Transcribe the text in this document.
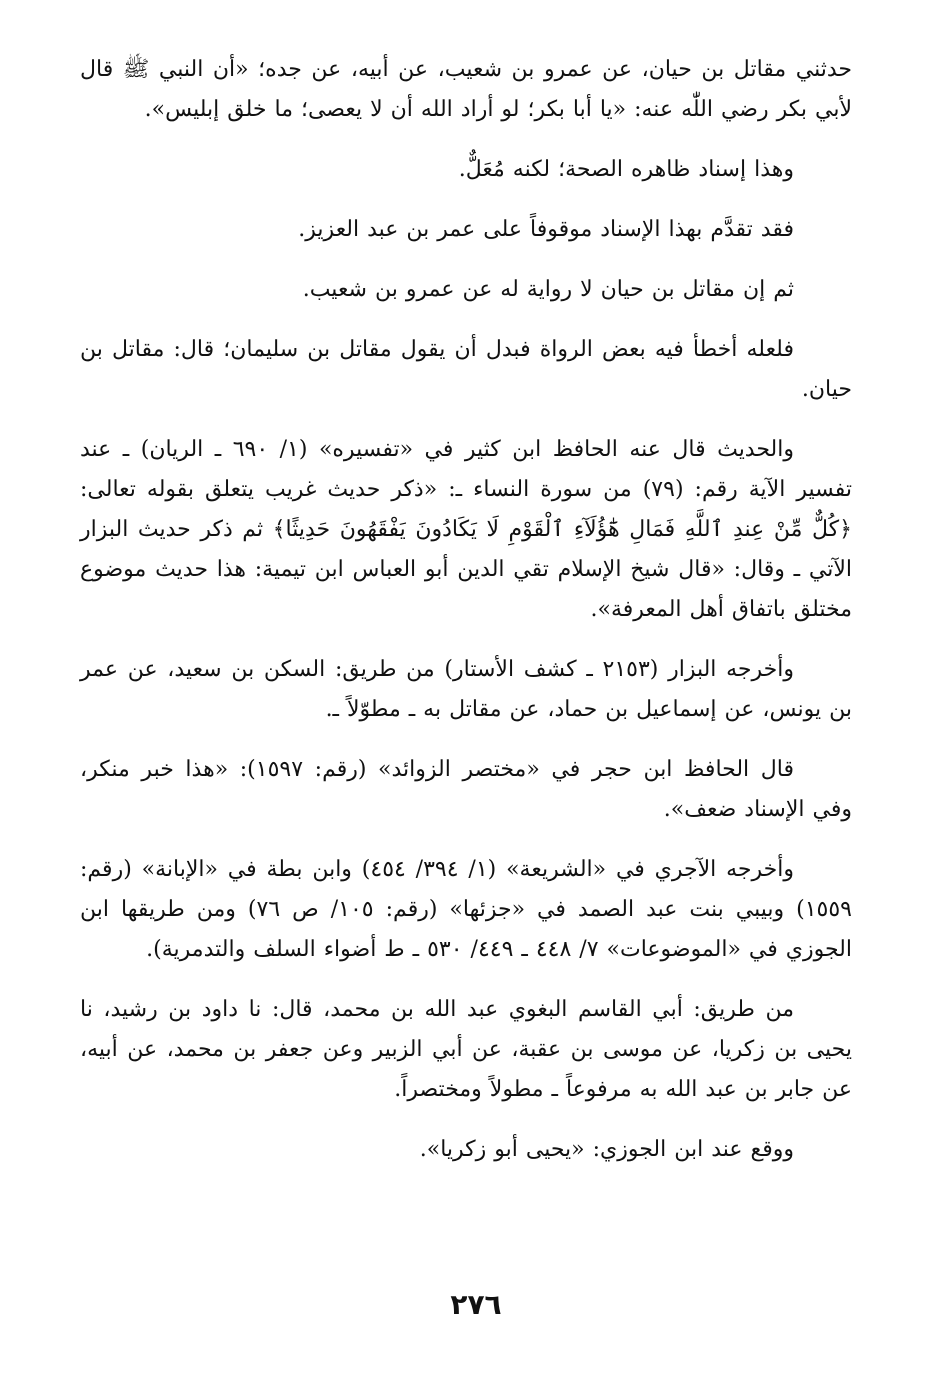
حدثني مقاتل بن حيان، عن عمرو بن شعيب، عن أبيه، عن جده؛ «أن النبي ﷺ قال لأبي بكر رضي اللّٰه عنه: «يا أبا بكر؛ لو أراد الله أن لا يعصى؛ ما خلق إبليس».

وهذا إسناد ظاهره الصحة؛ لكنه مُعَلٌّ.

فقد تقدَّم بهذا الإسناد موقوفاً على عمر بن عبد العزيز.

ثم إن مقاتل بن حيان لا رواية له عن عمرو بن شعيب.

فلعله أخطأ فيه بعض الرواة فبدل أن يقول مقاتل بن سليمان؛ قال: مقاتل بن حيان.

والحديث قال عنه الحافظ ابن كثير في «تفسيره» (١/ ٦٩٠ ـ الريان) ـ عند تفسير الآية رقم: (٧٩) من سورة النساء ـ: «ذكر حديث غريب يتعلق بقوله تعالى: ﴿كُلٌّ مِّنْ عِندِ ٱللَّهِ فَمَالِ هَٰٓؤُلَآءِ ٱلْقَوْمِ لَا يَكَادُونَ يَفْقَهُونَ حَدِيثًا﴾ ثم ذكر حديث البزار الآتي ـ وقال: «قال شيخ الإسلام تقي الدين أبو العباس ابن تيمية: هذا حديث موضوع مختلق باتفاق أهل المعرفة».

وأخرجه البزار (٢١٥٣ ـ كشف الأستار) من طريق: السكن بن سعيد، عن عمر بن يونس، عن إسماعيل بن حماد، عن مقاتل به ـ مطوّلاً ـ.

قال الحافظ ابن حجر في «مختصر الزوائد» (رقم: ١٥٩٧): «هذا خبر منكر، وفي الإسناد ضعف».

وأخرجه الآجري في «الشريعة» (١/ ٣٩٤/ ٤٥٤) وابن بطة في «الإبانة» (رقم: ١٥٥٩) وبيبي بنت عبد الصمد في «جزئها» (رقم: ١٠٥/ ص ٧٦) ومن طريقها ابن الجوزي في «الموضوعات» ٧/ ٤٤٨ ـ ٤٤٩/ ٥٣٠ ـ ط أضواء السلف والتدمرية).

من طريق: أبي القاسم البغوي عبد الله بن محمد، قال: نا داود بن رشيد، نا يحيى بن زكريا، عن موسى بن عقبة، عن أبي الزبير وعن جعفر بن محمد، عن أبيه، عن جابر بن عبد الله به مرفوعاً ـ مطولاً ومختصراً.

ووقع عند ابن الجوزي: «يحيى أبو زكريا».

٢٧٦
